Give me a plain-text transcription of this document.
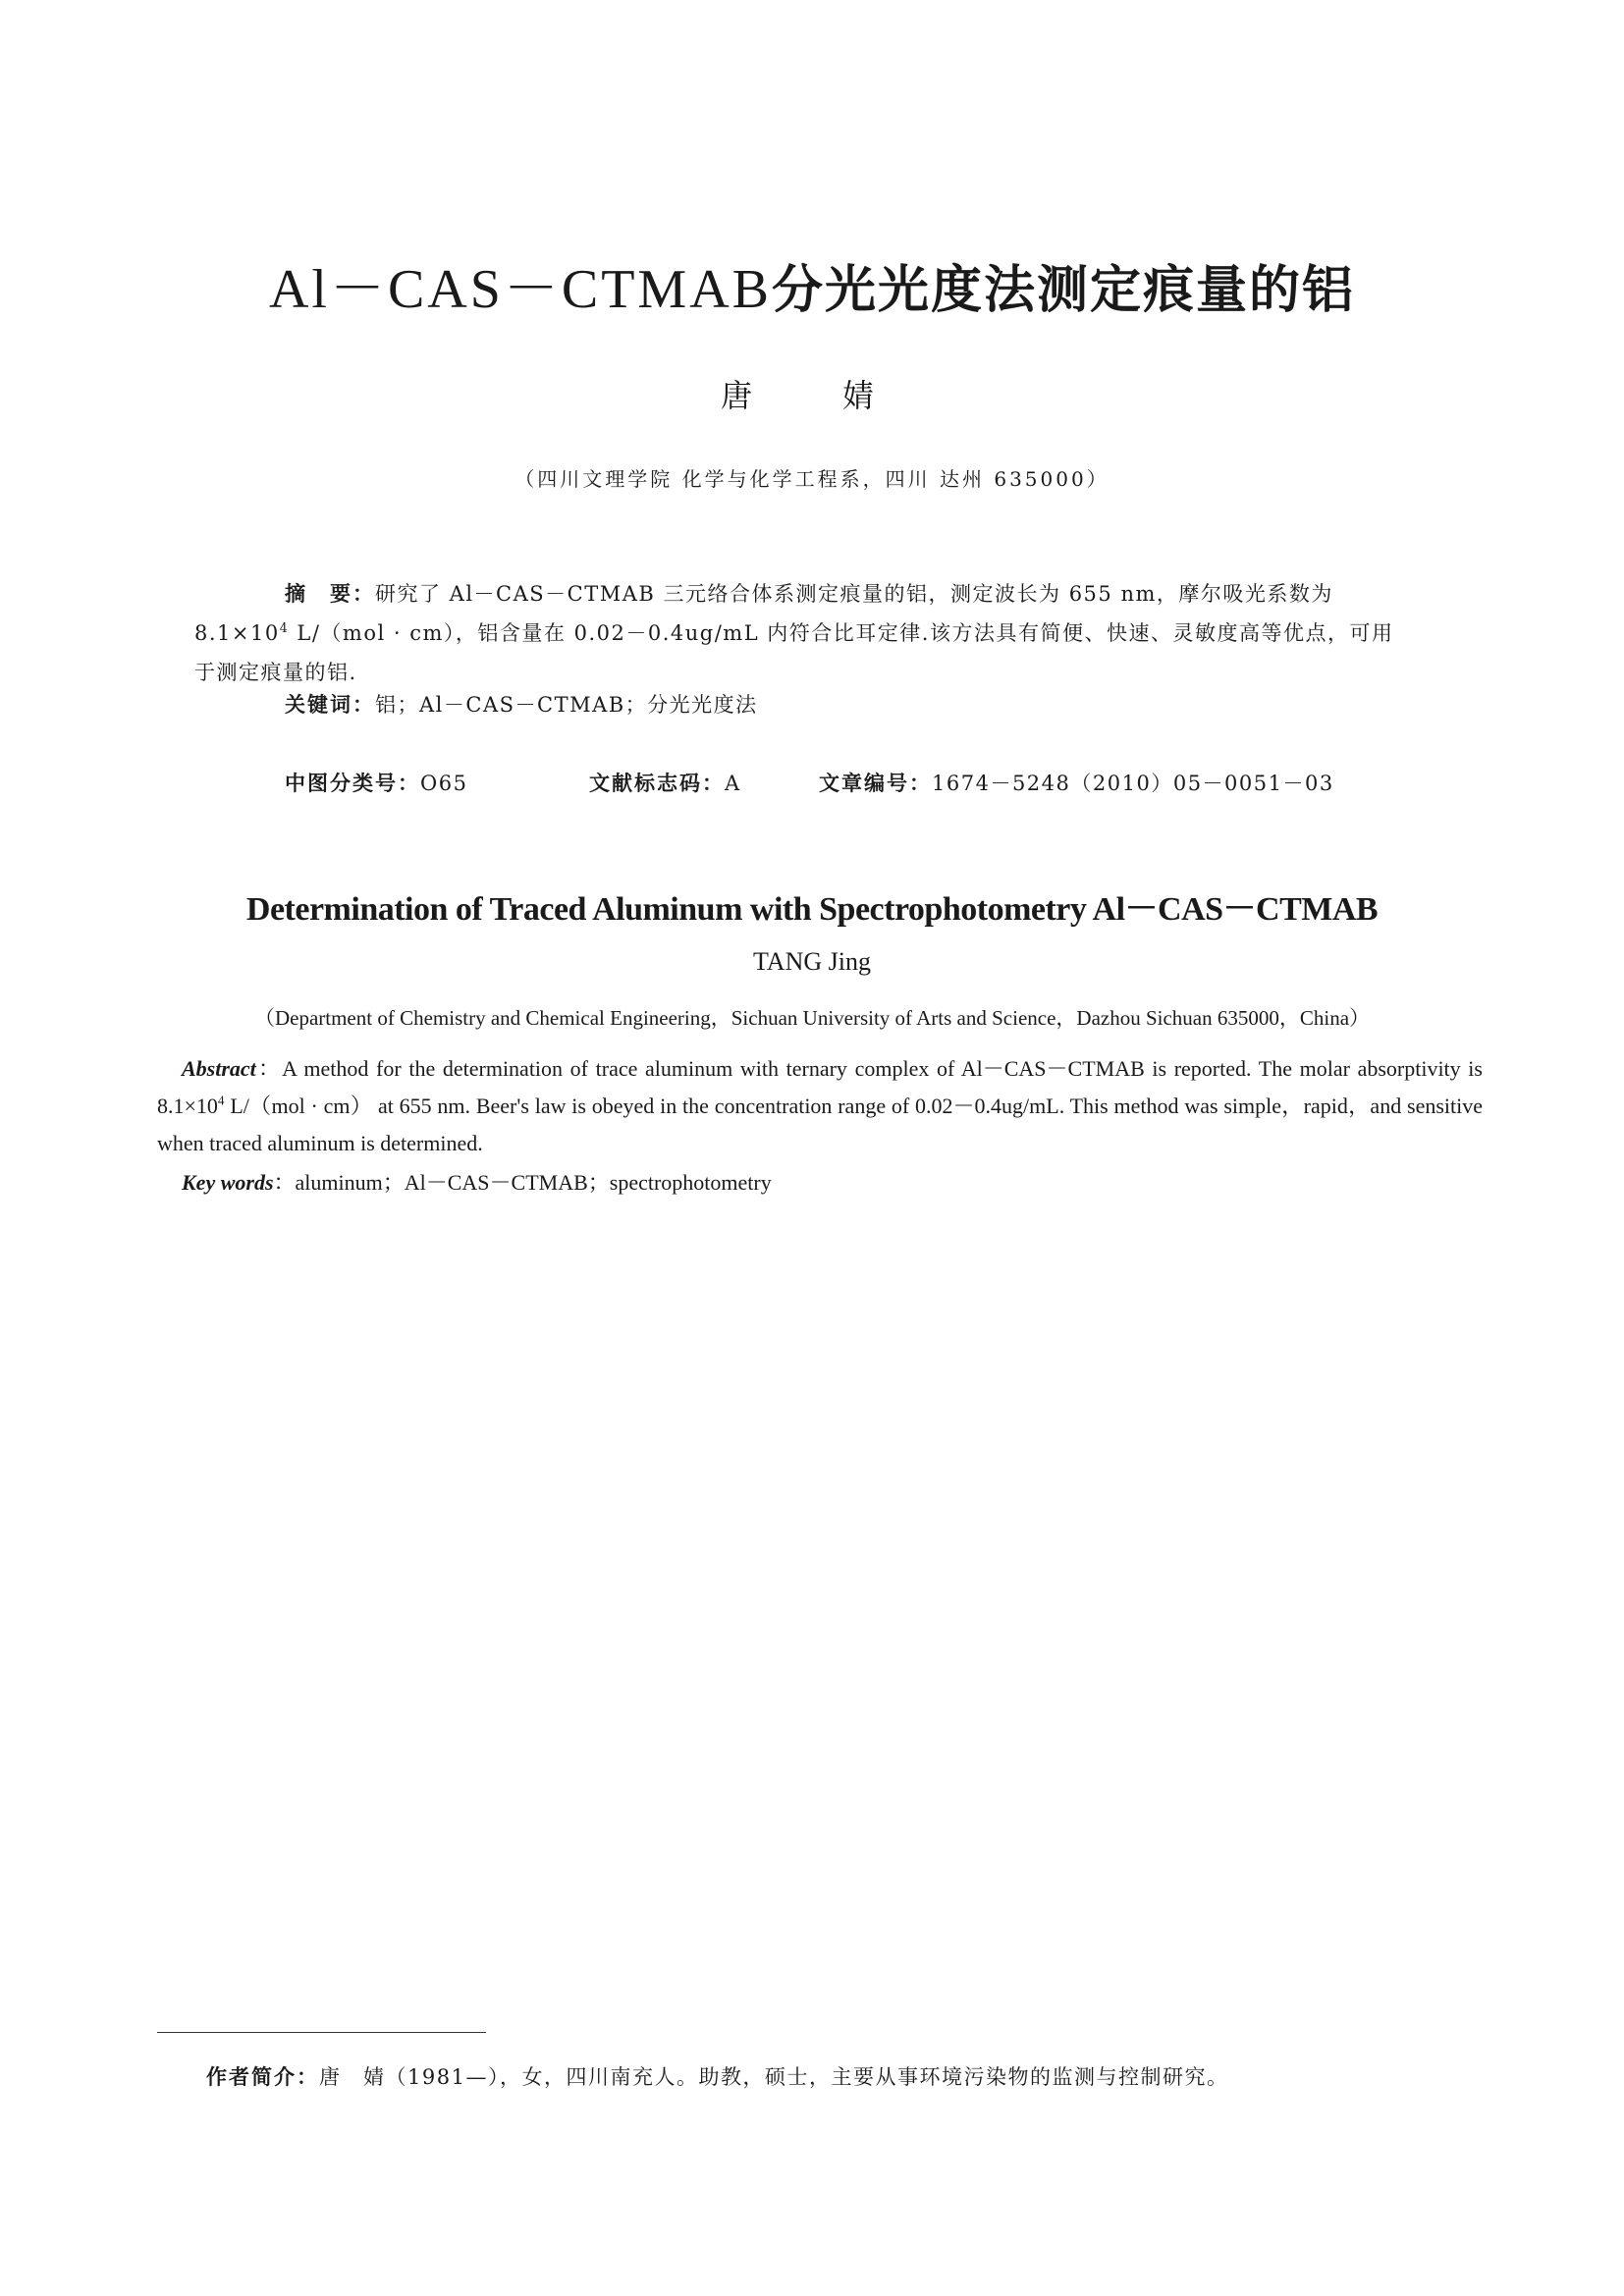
Al－CAS－CTMAB分光光度法测定痕量的铝
唐　婧
（四川文理学院 化学与化学工程系，四川 达州 635000）
摘　要：研究了 Al－CAS－CTMAB 三元络合体系测定痕量的铝，测定波长为 655 nm，摩尔吸光系数为 $8.1\times 10^4$ L/（mol · cm），铝含量在 0.02－0.4ug/mL 内符合比耳定律.该方法具有简便、快速、灵敏度高等优点，可用于测定痕量的铝.
关键词：铝；Al－CAS－CTMAB；分光光度法
中图分类号：O65	文献标志码：A	文章编号：1674－5248（2010）05－0051－03
Determination of Traced Aluminum with Spectrophotometry Al－CAS－CTMAB
TANG Jing
（Department of Chemistry and Chemical Engineering，Sichuan University of Arts and Science，Dazhou Sichuan 635000，China）
Abstract：A method for the determination of trace aluminum with ternary complex of Al－CAS－CTMAB is reported. The molar absorptivity is $8.1\times 10^4$ L/（mol · cm） at 655 nm. Beer's law is obeyed in the concentration range of 0.02－0.4ug/mL. This method was simple，rapid，and sensitive when traced aluminum is determined.
Key words：aluminum；Al－CAS－CTMAB；spectrophotometry
作者简介：唐　婧（1981—），女，四川南充人。助教，硕士，主要从事环境污染物的监测与控制研究。
